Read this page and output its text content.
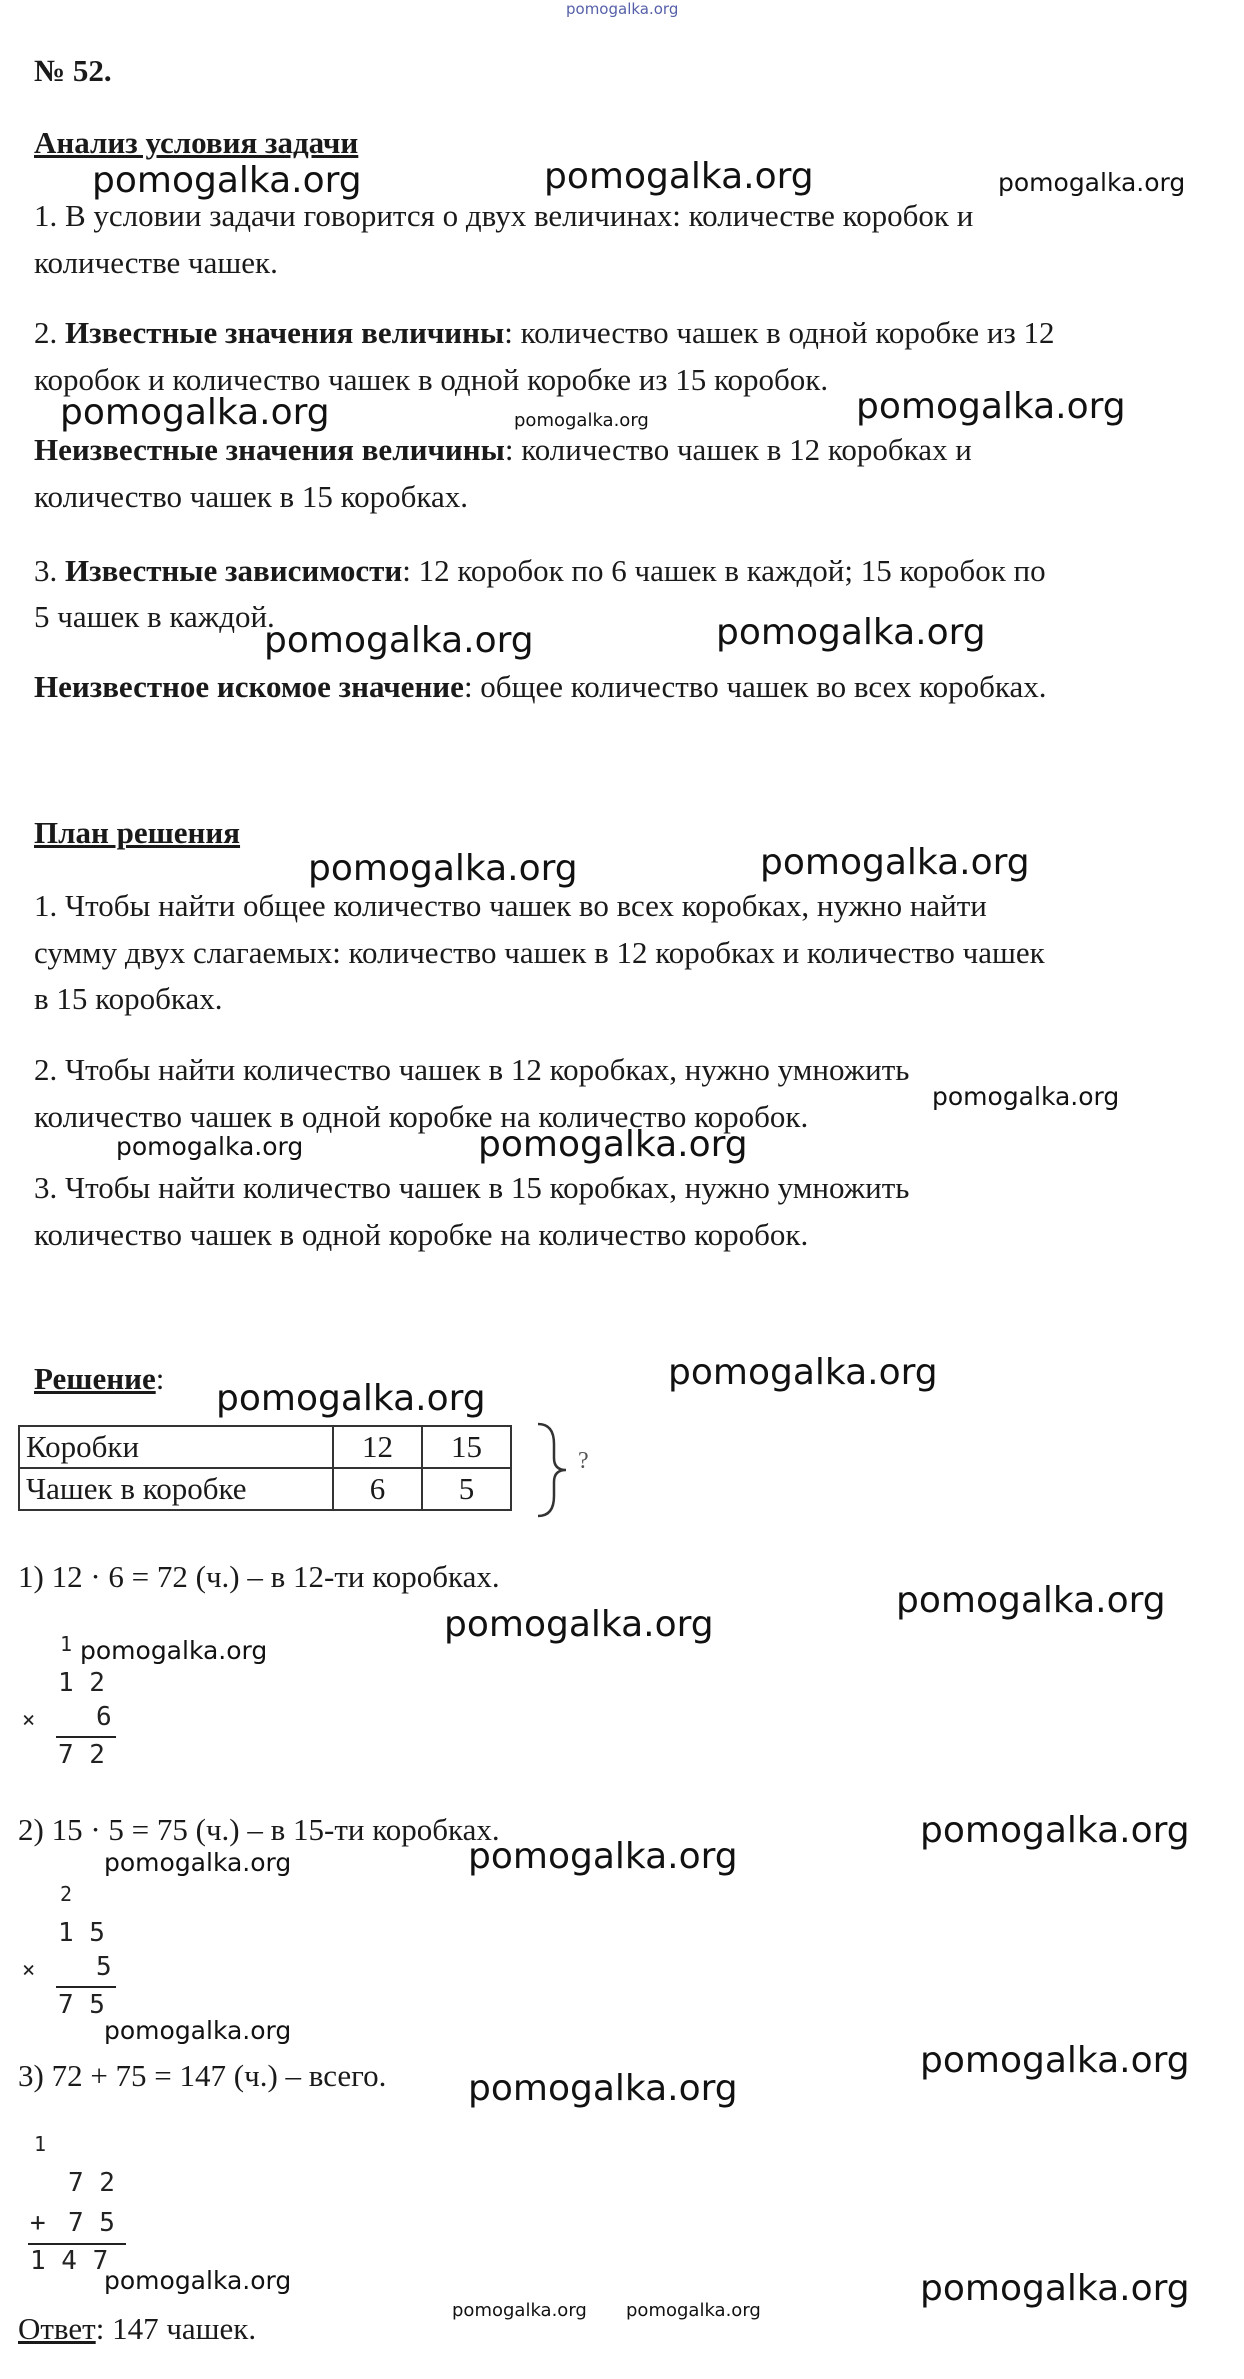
pomogalka.org
№ 52.
Анализ условия задачи
1. В условии задачи говорится о двух величинах: количестве коробок и
количестве чашек.
2. Известные значения величины: количество чашек в одной коробке из 12
коробок и количество чашек в одной коробке из 15 коробок.
Неизвестные значения величины: количество чашек в 12 коробках и
количество чашек в 15 коробках.
3. Известные зависимости: 12 коробок по 6 чашек в каждой; 15 коробок по
5 чашек в каждой.
Неизвестное искомое значение: общее количество чашек во всех коробках.
План решения
1. Чтобы найти общее количество чашек во всех коробках, нужно найти
сумму двух слагаемых: количество чашек в 12 коробках и количество чашек
в 15 коробках.
2. Чтобы найти количество чашек в 12 коробках, нужно умножить
количество чашек в одной коробке на количество коробок.
3. Чтобы найти количество чашек в 15 коробках, нужно умножить
количество чашек в одной коробке на количество коробок.
Решение:
Коробки	12	15
Чашек в коробке	6	5
?
1) 12 · 6 = 72 (ч.) – в 12-ти коробках.
1
1 2
× 6
7 2
2) 15 · 5 = 75 (ч.) – в 15-ти коробках.
2
1 5
× 5
7 5
3) 72 + 75 = 147 (ч.) – всего.
1
7 2
+ 7 5
1 4 7
Ответ: 147 чашек.
pomogalka.org	pomogalka.org	pomogalka.org
pomogalka.org	pomogalka.org	pomogalka.org
pomogalka.org	pomogalka.org
pomogalka.org	pomogalka.org
pomogalka.org
pomogalka.org	pomogalka.org
pomogalka.org
pomogalka.org
pomogalka.org
pomogalka.org
pomogalka.org
pomogalka.org
pomogalka.org	pomogalka.org
pomogalka.org
pomogalka.org
pomogalka.org
pomogalka.org	pomogalka.org
pomogalka.org pomogalka.org
